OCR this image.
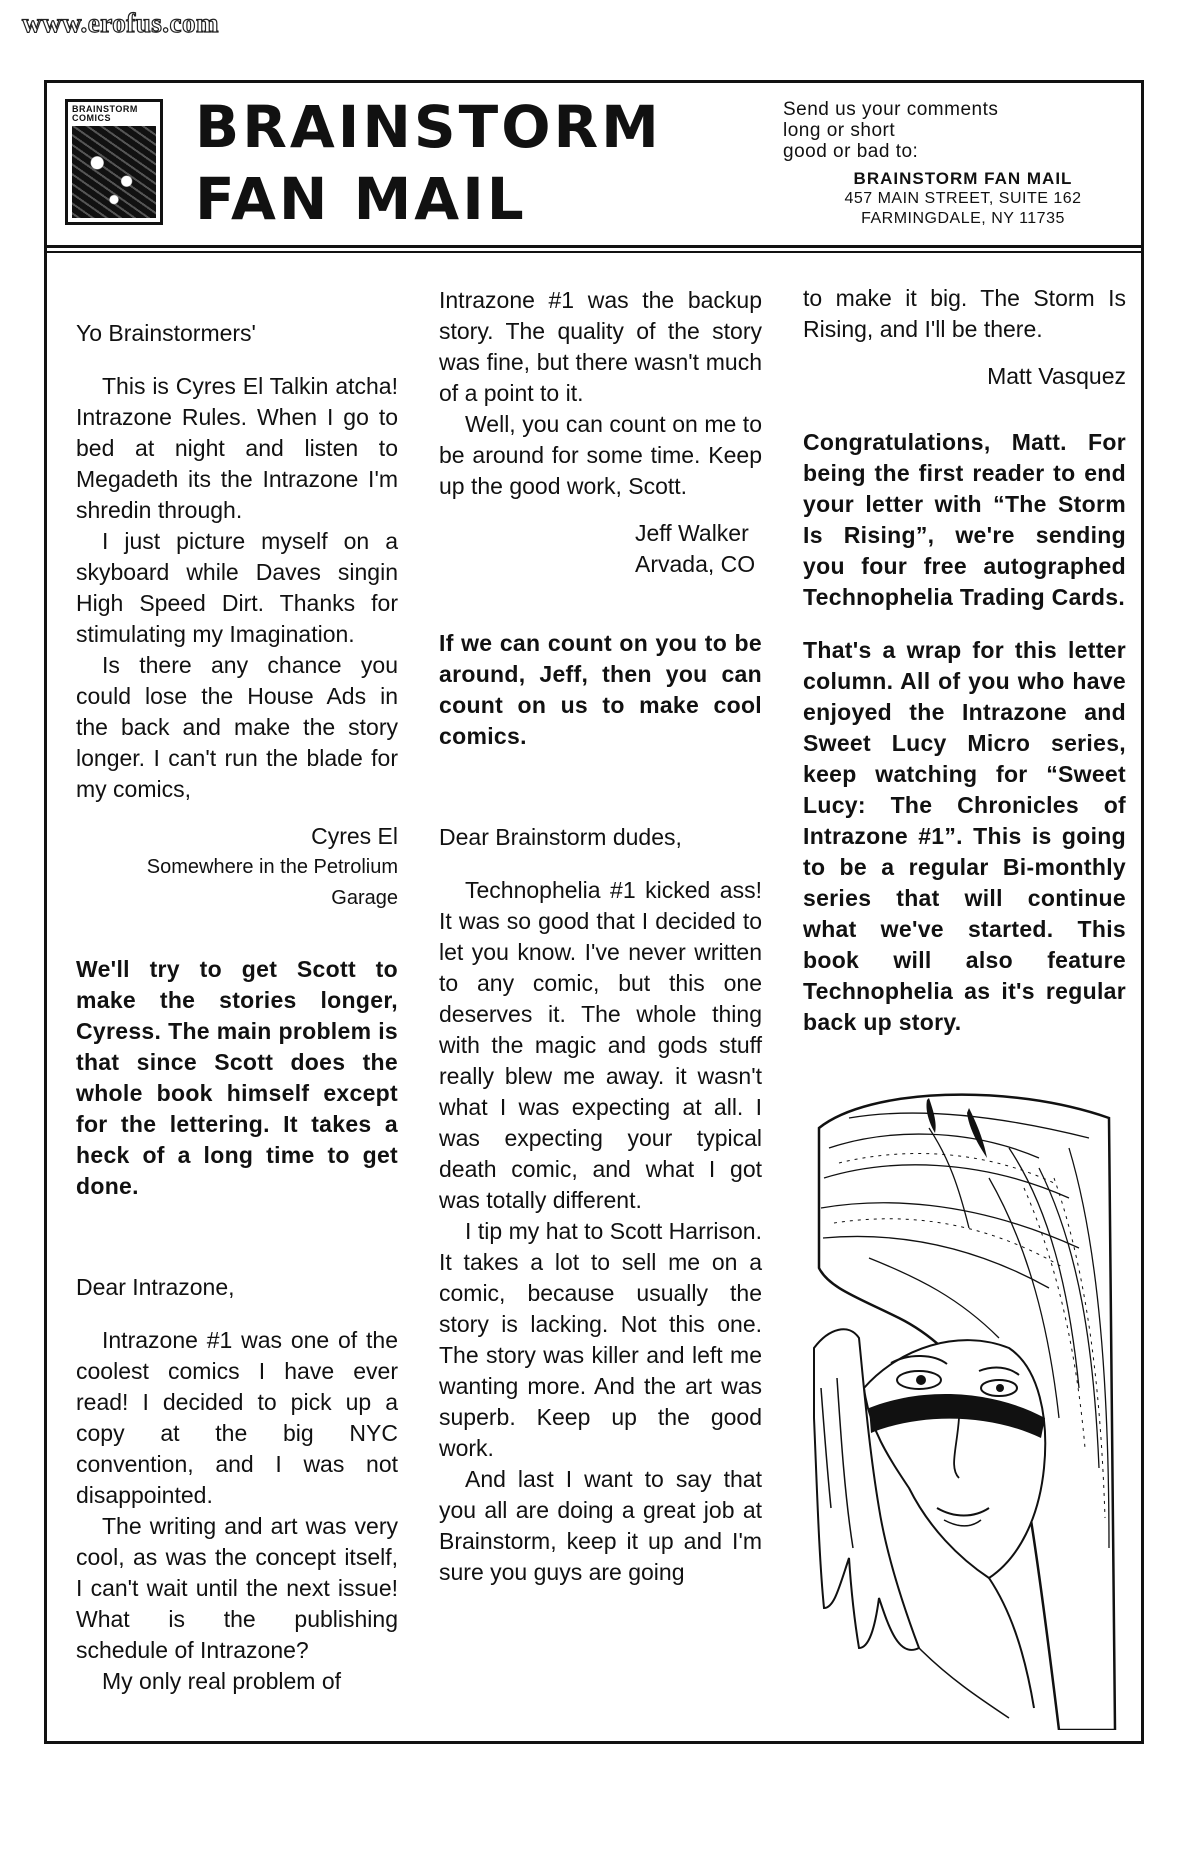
www.erofus.com
BRAINSTORM COMICS	BRAINSTORM
FAN MAIL
Send us your comments
long or short
good or bad to:
BRAINSTORM FAN MAIL
457 MAIN STREET, SUITE 162
FARMINGDALE, NY 11735

Yo Brainstormers'

This is Cyres El Talkin atcha! Intrazone Rules. When I go to bed at night and listen to Megadeth its the Intrazone I'm shredin through.

I just picture myself on a skyboard while Daves singin High Speed Dirt. Thanks for stimulating my Imagination.

Is there any chance you could lose the House Ads in the back and make the story longer. I can't run the blade for my comics,

Cyres El

Somewhere in the Petrolium Garage

We'll try to get Scott to make the stories longer, Cyress. The main problem is that since Scott does the whole book himself except for the lettering. It takes a heck of a long time to get done.

Dear Intrazone,

Intrazone #1 was one of the coolest comics I have ever read! I decided to pick up a copy at the big NYC convention, and I was not disappointed.

The writing and art was very cool, as was the concept itself, I can't wait until the next issue! What is the publishing schedule of Intrazone?

My only real problem of

Intrazone #1 was the backup story. The quality of the story was fine, but there wasn't much of a point to it.

Well, you can count on me to be around for some time. Keep up the good work, Scott.

Jeff Walker

Arvada, CO

If we can count on you to be around, Jeff, then you can count on us to make cool comics.

Dear Brainstorm dudes,

Technophelia #1 kicked ass! It was so good that I decided to let you know. I've never written to any comic, but this one deserves it. The whole thing with the magic and gods stuff really blew me away. it wasn't what I was expecting at all. I was expecting your typical death comic, and what I got was totally different.

I tip my hat to Scott Harrison. It takes a lot to sell me on a comic, because usually the story is lacking. Not this one. The story was killer and left me wanting more. And the art was superb. Keep up the good work.

And last I want to say that you all are doing a great job at Brainstorm, keep it up and I'm sure you guys are going

to make it big. The Storm Is Rising, and I'll be there.

Matt Vasquez

Congratulations, Matt. For being the first reader to end your letter with “The Storm Is Rising”, we're sending you four free autographed Technophelia Trading Cards.

That's a wrap for this letter column. All of you who have enjoyed the Intrazone and Sweet Lucy Micro series, keep watching for “Sweet Lucy: The Chronicles of Intrazone #1”. This is going to be a regular Bi-monthly series that will continue what we've started. This book will also feature Technophelia as it's regular back up story.
